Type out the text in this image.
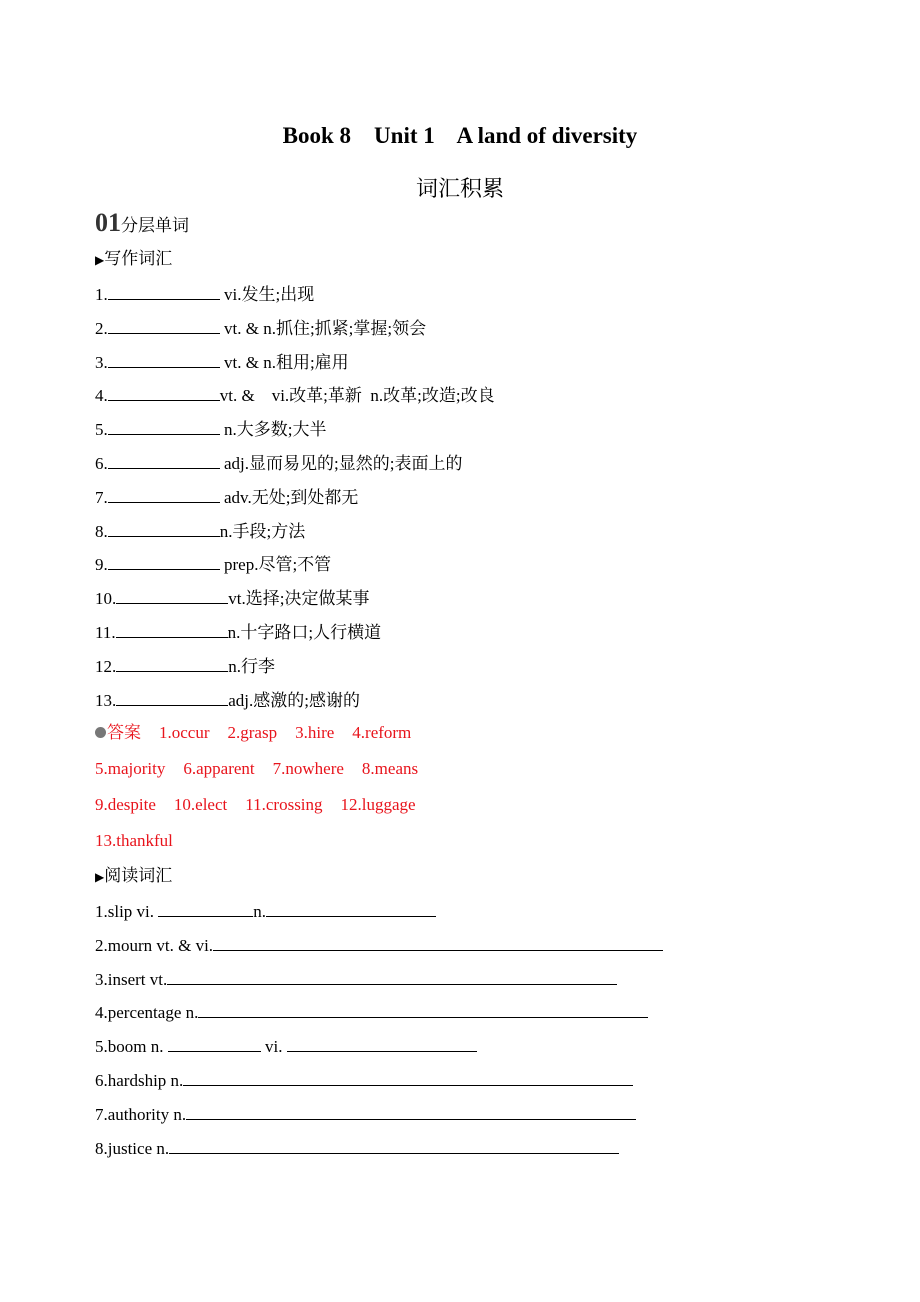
Book 8    Unit 1    A land of diversity
词汇积累
01分层单词
▶写作词汇
1.	vi.发生;出现
2.	vt. & n.抓住;抓紧;掌握;领会
3.	vt. & n.租用;雇用
4.	vt. &    vi.改革;革新  n.改革;改造;改良
5.	n.大多数;大半
6.	adj.显而易见的;显然的;表面上的
7.	adv.无处;到处都无
8.	n.手段;方法
9.	prep.尽管;不管
10.	vt.选择;决定做某事
11.	n.十字路口;人行横道
12.	n.行李
13.	adj.感激的;感谢的
答案 1.occur 2.grasp 3.hire 4.reform
5.majority 6.apparent 7.nowhere 8.means
9.despite 10.elect 11.crossing 12.luggage
13.thankful
▶阅读词汇
1.slip vi.	n.
2.mourn vt. & vi.
3.insert vt.
4.percentage n.
5.boom n.	vi.
6.hardship n.
7.authority n.
8.justice n.
